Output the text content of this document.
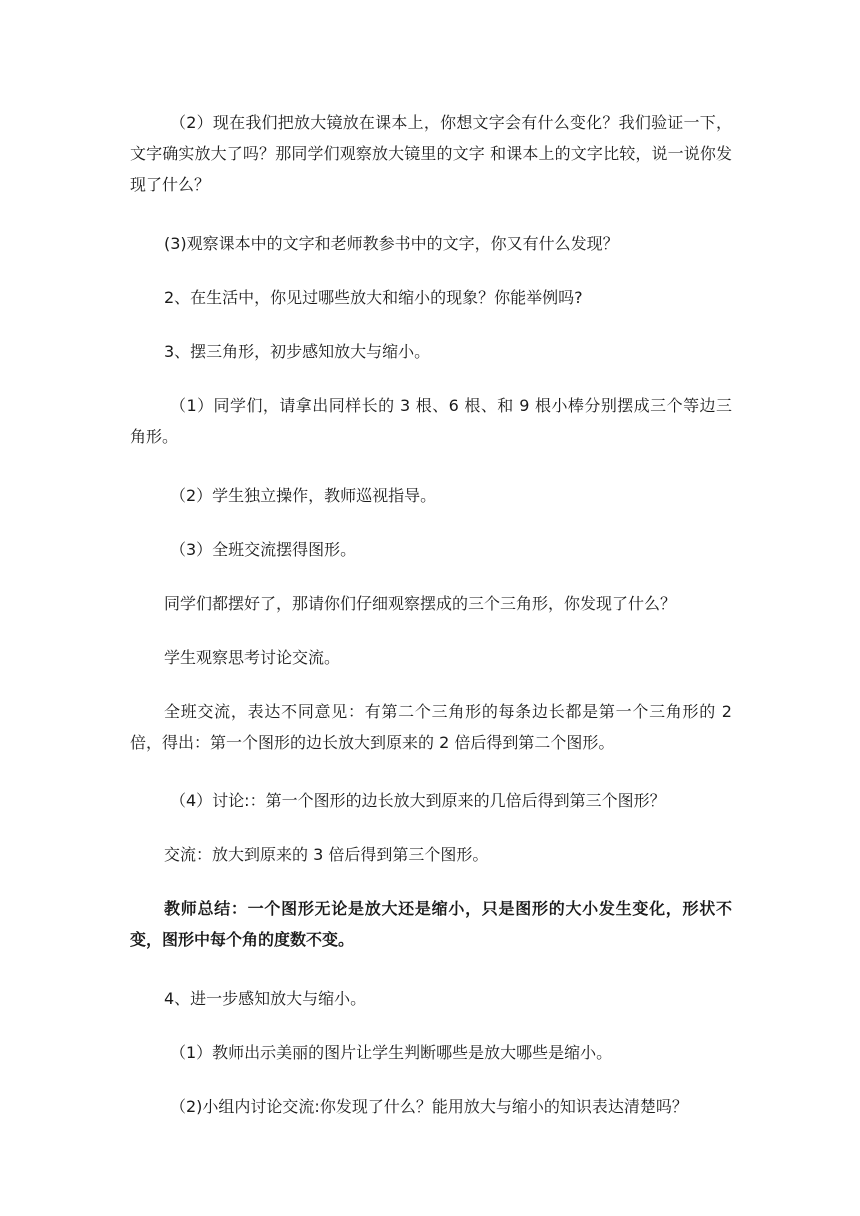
（2）现在我们把放大镜放在课本上，你想文字会有什么变化？我们验证一下，文字确实放大了吗？那同学们观察放大镜里的文字 和课本上的文字比较，说一说你发现了什么？

(3)观察课本中的文字和老师教参书中的文字，你又有什么发现？

2、在生活中，你见过哪些放大和缩小的现象？你能举例吗?

3、摆三角形，初步感知放大与缩小。

（1）同学们，请拿出同样长的 3 根、6 根、和 9 根小棒分别摆成三个等边三角形。

（2）学生独立操作，教师巡视指导。

（3）全班交流摆得图形。

同学们都摆好了，那请你们仔细观察摆成的三个三角形，你发现了什么？

学生观察思考讨论交流。

全班交流，表达不同意见：有第二个三角形的每条边长都是第一个三角形的 2 倍，得出：第一个图形的边长放大到原来的 2 倍后得到第二个图形。

（4）讨论:：第一个图形的边长放大到原来的几倍后得到第三个图形？

交流：放大到原来的 3 倍后得到第三个图形。

教师总结：一个图形无论是放大还是缩小，只是图形的大小发生变化，形状不变，图形中每个角的度数不变。

4、进一步感知放大与缩小。

（1）教师出示美丽的图片让学生判断哪些是放大哪些是缩小。

（2)小组内讨论交流:你发现了什么？能用放大与缩小的知识表达清楚吗？
